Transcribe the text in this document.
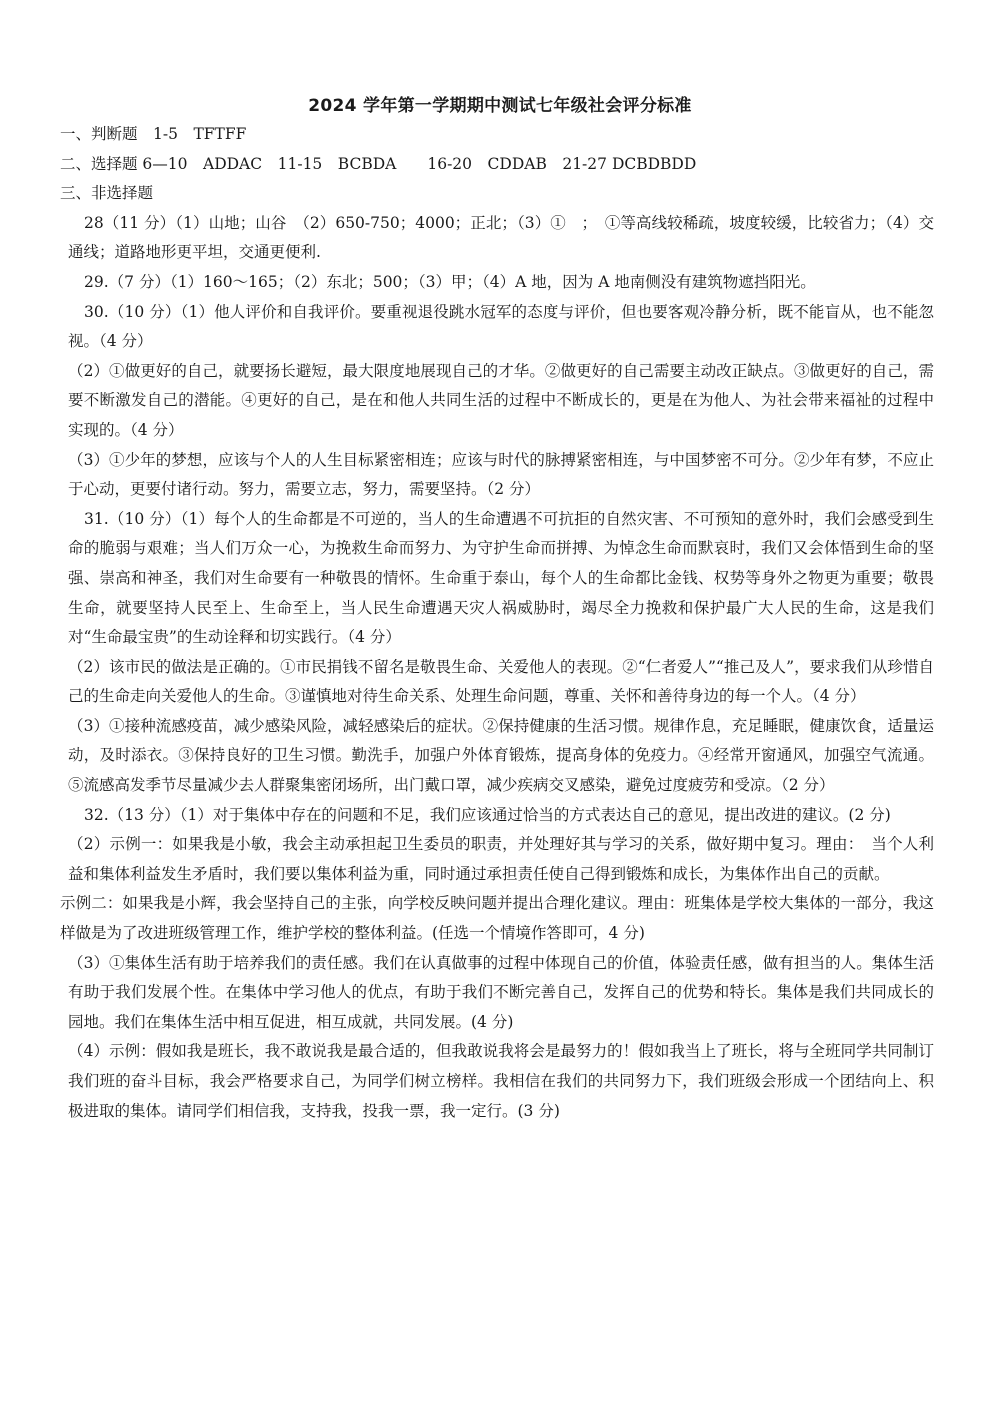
2024 学年第一学期期中测试七年级社会评分标准

一、判断题　1-5　TFTFF

二、选择题 6—10　ADDAC　11-15　BCBDA　　16-20　CDDAB　21-27 DCBDBDD

三、非选择题

28（11 分）（1）山地；山谷　（2）650-750；4000；正北；（3）①　；　①等高线较稀疏，坡度较缓，比较省力；（4）交通线；道路地形更平坦，交通更便利.

29.（7 分）（1）160～165；（2）东北；500；（3）甲；（4）A 地，因为 A 地南侧没有建筑物遮挡阳光。

30.（10 分）（1）他人评价和自我评价。要重视退役跳水冠军的态度与评价，但也要客观冷静分析，既不能盲从，也不能忽视。（4 分）

（2）①做更好的自己，就要扬长避短，最大限度地展现自己的才华。②做更好的自己需要主动改正缺点。③做更好的自己，需要不断激发自己的潜能。④更好的自己，是在和他人共同生活的过程中不断成长的，更是在为他人、为社会带来福祉的过程中实现的。（4 分）

（3）①少年的梦想，应该与个人的人生目标紧密相连；应该与时代的脉搏紧密相连，与中国梦密不可分。②少年有梦，不应止于心动，更要付诸行动。努力，需要立志，努力，需要坚持。（2 分）

31.（10 分）（1）每个人的生命都是不可逆的，当人的生命遭遇不可抗拒的自然灾害、不可预知的意外时，我们会感受到生命的脆弱与艰难；当人们万众一心，为挽救生命而努力、为守护生命而拼搏、为悼念生命而默哀时，我们又会体悟到生命的坚强、崇高和神圣，我们对生命要有一种敬畏的情怀。生命重于泰山，每个人的生命都比金钱、权势等身外之物更为重要；敬畏生命，就要坚持人民至上、生命至上，当人民生命遭遇天灾人祸威胁时，竭尽全力挽救和保护最广大人民的生命，这是我们对“生命最宝贵”的生动诠释和切实践行。（4 分）

（2）该市民的做法是正确的。①市民捐钱不留名是敬畏生命、关爱他人的表现。②“仁者爱人”“推己及人”，要求我们从珍惜自己的生命走向关爱他人的生命。③谨慎地对待生命关系、处理生命问题，尊重、关怀和善待身边的每一个人。（4 分）

（3）①接种流感疫苗，减少感染风险，减轻感染后的症状。②保持健康的生活习惯。规律作息，充足睡眠，健康饮食，适量运动，及时添衣。③保持良好的卫生习惯。勤洗手，加强户外体育锻炼，提高身体的免疫力。④经常开窗通风，加强空气流通。⑤流感高发季节尽量减少去人群聚集密闭场所，出门戴口罩，减少疾病交叉感染，避免过度疲劳和受凉。（2 分）

32.（13 分）（1）对于集体中存在的问题和不足，我们应该通过恰当的方式表达自己的意见，提出改进的建议。(2 分)

（2）示例一：如果我是小敏，我会主动承担起卫生委员的职责，并处理好其与学习的关系，做好期中复习。理由：　当个人利益和集体利益发生矛盾时，我们要以集体利益为重，同时通过承担责任使自己得到锻炼和成长，为集体作出自己的贡献。

示例二：如果我是小辉，我会坚持自己的主张，向学校反映问题并提出合理化建议。理由：班集体是学校大集体的一部分，我这样做是为了改进班级管理工作，维护学校的整体利益。(任选一个情境作答即可，4 分)

（3）①集体生活有助于培养我们的责任感。我们在认真做事的过程中体现自己的价值，体验责任感，做有担当的人。集体生活有助于我们发展个性。在集体中学习他人的优点，有助于我们不断完善自己，发挥自己的优势和特长。集体是我们共同成长的园地。我们在集体生活中相互促进，相互成就，共同发展。(4 分)

（4）示例：假如我是班长，我不敢说我是最合适的，但我敢说我将会是最努力的！假如我当上了班长，将与全班同学共同制订我们班的奋斗目标，我会严格要求自己，为同学们树立榜样。我相信在我们的共同努力下，我们班级会形成一个团结向上、积极进取的集体。请同学们相信我，支持我，投我一票，我一定行。(3 分)
